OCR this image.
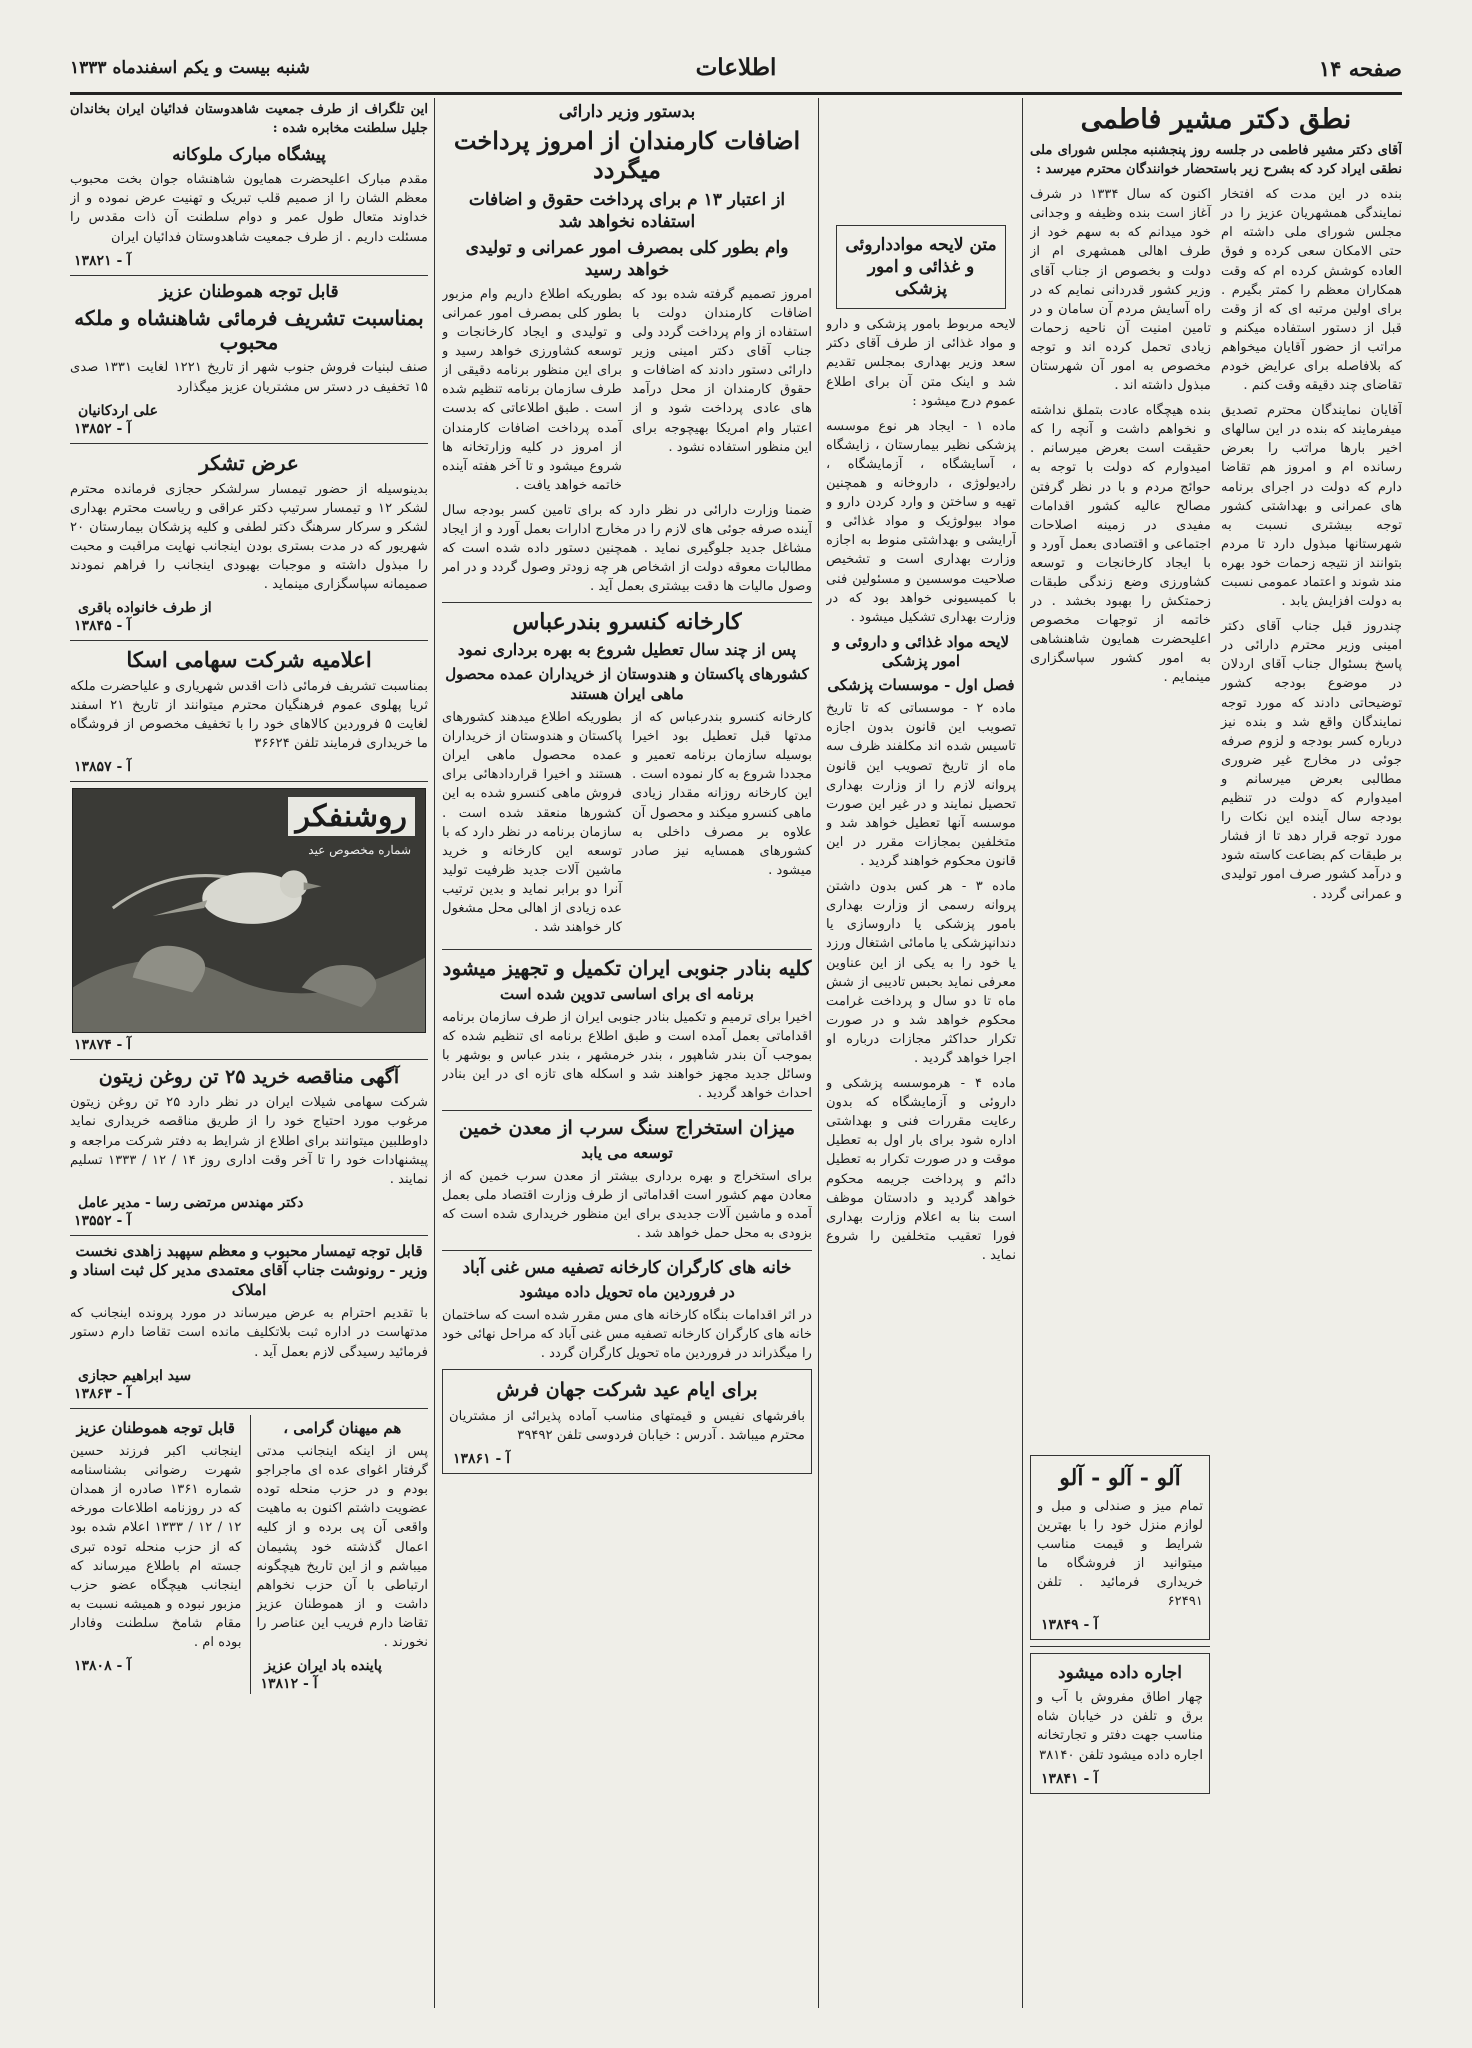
صفحه ۱۴
اطلاعات
شنبه بیست و یکم اسفندماه ۱۳۳۳
نطق دکتر مشیر فاطمی

آقای دکتر مشیر فاطمی در جلسه روز پنجشنبه مجلس شورای ملی نطقی ایراد کرد که بشرح زیر باستحضار خوانندگان محترم میرسد :

بنده در این مدت که افتخار نمایندگی همشهریان عزیز را در مجلس شورای ملی داشته ام حتی الامکان سعی کرده و فوق العاده کوشش کرده ام که وقت همکاران معظم را کمتر بگیرم . برای اولین مرتبه ای که از وقت قبل از دستور استفاده میکنم و مراتب از حضور آقایان میخواهم که بلافاصله برای عرایض خودم تقاضای چند دقیقه وقت کنم .

آقایان نمایندگان محترم تصدیق میفرمایند که بنده در این سالهای اخیر بارها مراتب را بعرض رسانده ام و امروز هم تقاضا دارم که دولت در اجرای برنامه های عمرانی و بهداشتی کشور توجه بیشتری نسبت به شهرستانها مبذول دارد تا مردم بتوانند از نتیجه زحمات خود بهره مند شوند و اعتماد عمومی نسبت به دولت افزایش یابد .

چندروز قبل جناب آقای دکتر امینی وزیر محترم دارائی در پاسخ بسئوال جناب آقای اردلان در موضوع بودجه کشور توضیحاتی دادند که مورد توجه نمایندگان واقع شد و بنده نیز درباره کسر بودجه و لزوم صرفه جوئی در مخارج غیر ضروری مطالبی بعرض میرسانم و امیدوارم که دولت در تنظیم بودجه سال آینده این نکات را مورد توجه قرار دهد تا از فشار بر طبقات کم بضاعت کاسته شود و درآمد کشور صرف امور تولیدی و عمرانی گردد .

اکنون که سال ۱۳۳۴ در شرف آغاز است بنده وظیفه و وجدانی خود میدانم که به سهم خود از طرف اهالی همشهری ام از دولت و بخصوص از جناب آقای وزیر کشور قدردانی نمایم که در راه آسایش مردم آن سامان و در تامین امنیت آن ناحیه زحمات زیادی تحمل کرده اند و توجه مخصوص به امور آن شهرستان مبذول داشته اند .

بنده هیچگاه عادت بتملق نداشته و نخواهم داشت و آنچه را که حقیقت است بعرض میرسانم . امیدوارم که دولت با توجه به حوائج مردم و با در نظر گرفتن مصالح عالیه کشور اقدامات مفیدی در زمینه اصلاحات اجتماعی و اقتصادی بعمل آورد و با ایجاد کارخانجات و توسعه کشاورزی وضع زندگی طبقات زحمتکش را بهبود بخشد . در خاتمه از توجهات مخصوص اعلیحضرت همایون شاهنشاهی به امور کشور سپاسگزاری مینمایم .

آلو - آلو - آلو

تمام میز و صندلی و مبل و لوازم منزل خود را با بهترین شرایط و قیمت مناسب میتوانید از فروشگاه ما خریداری فرمائید . تلفن ۶۲۴۹۱

آ - ۱۳۸۴۹
اجاره داده میشود

چهار اطاق مفروش با آب و برق و تلفن در خیابان شاه مناسب جهت دفتر و تجارتخانه اجاره داده میشود تلفن ۳۸۱۴۰

آ - ۱۳۸۴۱
متن لایحه موادداروئی و غذائی و امور پزشکی

لایحه مربوط بامور پزشکی و دارو و مواد غذائی از طرف آقای دکتر سعد وزیر بهداری بمجلس تقدیم شد و اینک متن آن برای اطلاع عموم درج میشود :

ماده ۱ - ایجاد هر نوع موسسه پزشکی نظیر بیمارستان ، زایشگاه ، آسایشگاه ، آزمایشگاه ، رادیولوژی ، داروخانه و همچنین تهیه و ساختن و وارد کردن دارو و مواد بیولوژیک و مواد غذائی و آرایشی و بهداشتی منوط به اجازه وزارت بهداری است و تشخیص صلاحیت موسسین و مسئولین فنی با کمیسیونی خواهد بود که در وزارت بهداری تشکیل میشود .

لایحه مواد غذائی و داروئی و امور پزشکی
فصل اول - موسسات پزشکی

ماده ۲ - موسساتی که تا تاریخ تصویب این قانون بدون اجازه تاسیس شده اند مکلفند ظرف سه ماه از تاریخ تصویب این قانون پروانه لازم را از وزارت بهداری تحصیل نمایند و در غیر این صورت موسسه آنها تعطیل خواهد شد و متخلفین بمجازات مقرر در این قانون محکوم خواهند گردید .

ماده ۳ - هر کس بدون داشتن پروانه رسمی از وزارت بهداری بامور پزشکی یا داروسازی یا دندانپزشکی یا مامائی اشتغال ورزد یا خود را به یکی از این عناوین معرفی نماید بحبس تادیبی از شش ماه تا دو سال و پرداخت غرامت محکوم خواهد شد و در صورت تکرار حداکثر مجازات درباره او اجرا خواهد گردید .

ماده ۴ - هرموسسه پزشکی و داروئی و آزمایشگاه که بدون رعایت مقررات فنی و بهداشتی اداره شود برای بار اول به تعطیل موقت و در صورت تکرار به تعطیل دائم و پرداخت جریمه محکوم خواهد گردید و دادستان موظف است بنا به اعلام وزارت بهداری فورا تعقیب متخلفین را شروع نماید .

بدستور وزیر دارائی
اضافات کارمندان از امروز پرداخت میگردد
از اعتبار ۱۳ م برای پرداخت حقوق و اضافات استفاده نخواهد شد
وام بطور کلی بمصرف امور عمرانی و تولیدی خواهد رسید

امروز تصمیم گرفته شده بود که اضافات کارمندان دولت با استفاده از وام پرداخت گردد ولی جناب آقای دکتر امینی وزیر دارائی دستور دادند که اضافات و حقوق کارمندان از محل درآمد های عادی پرداخت شود و از اعتبار وام امریکا بهیچوجه برای این منظور استفاده نشود .

بطوریکه اطلاع داریم وام مزبور بطور کلی بمصرف امور عمرانی و تولیدی و ایجاد کارخانجات و توسعه کشاورزی خواهد رسید و برای این منظور برنامه دقیقی از طرف سازمان برنامه تنظیم شده است . طبق اطلاعاتی که بدست آمده پرداخت اضافات کارمندان از امروز در کلیه وزارتخانه ها شروع میشود و تا آخر هفته آینده خاتمه خواهد یافت .

ضمنا وزارت دارائی در نظر دارد که برای تامین کسر بودجه سال آینده صرفه جوئی های لازم را در مخارج ادارات بعمل آورد و از ایجاد مشاغل جدید جلوگیری نماید . همچنین دستور داده شده است که مطالبات معوقه دولت از اشخاص هر چه زودتر وصول گردد و در امر وصول مالیات ها دقت بیشتری بعمل آید .

کارخانه کنسرو بندرعباس
پس از چند سال تعطیل شروع به بهره برداری نمود
کشورهای پاکستان و هندوستان از خریداران عمده محصول ماهی ایران هستند

کارخانه کنسرو بندرعباس که از مدتها قبل تعطیل بود اخیرا بوسیله سازمان برنامه تعمیر و مجددا شروع به کار نموده است . این کارخانه روزانه مقدار زیادی ماهی کنسرو میکند و محصول آن علاوه بر مصرف داخلی به کشورهای همسایه نیز صادر میشود .

بطوریکه اطلاع میدهند کشورهای پاکستان و هندوستان از خریداران عمده محصول ماهی ایران هستند و اخیرا قراردادهائی برای فروش ماهی کنسرو شده به این کشورها منعقد شده است . سازمان برنامه در نظر دارد که با توسعه این کارخانه و خرید ماشین آلات جدید ظرفیت تولید آنرا دو برابر نماید و بدین ترتیب عده زیادی از اهالی محل مشغول کار خواهند شد .

کلیه بنادر جنوبی ایران تکمیل و تجهیز میشود
برنامه ای برای اساسی تدوین شده است

اخیرا برای ترمیم و تکمیل بنادر جنوبی ایران از طرف سازمان برنامه اقداماتی بعمل آمده است و طبق اطلاع برنامه ای تنظیم شده که بموجب آن بندر شاهپور ، بندر خرمشهر ، بندر عباس و بوشهر با وسائل جدید مجهز خواهند شد و اسکله های تازه ای در این بنادر احداث خواهد گردید .

میزان استخراج سنگ سرب از معدن خمین
توسعه می یابد

برای استخراج و بهره برداری بیشتر از معدن سرب خمین که از معادن مهم کشور است اقداماتی از طرف وزارت اقتصاد ملی بعمل آمده و ماشین آلات جدیدی برای این منظور خریداری شده است که بزودی به محل حمل خواهد شد .

خانه های کارگران کارخانه تصفیه مس غنی آباد
در فروردین ماه تحویل داده میشود

در اثر اقدامات بنگاه کارخانه های مس مقرر شده است که ساختمان خانه های کارگران کارخانه تصفیه مس غنی آباد که مراحل نهائی خود را میگذراند در فروردین ماه تحویل کارگران گردد .

برای ایام عید شرکت جهان فرش

بافرشهای نفیس و قیمتهای مناسب آماده پذیرائی از مشتریان محترم میباشد . آدرس : خیابان فردوسی تلفن ۳۹۴۹۲

آ - ۱۳۸۶۱

این تلگراف از طرف جمعیت شاهدوستان فدائیان ایران بخاندان جلیل سلطنت مخابره شده :

پیشگاه مبارک ملوکانه

مقدم مبارک اعلیحضرت همایون شاهنشاه جوان بخت محبوب معظم الشان را از صمیم قلب تبریک و تهنیت عرض نموده و از خداوند متعال طول عمر و دوام سلطنت آن ذات مقدس را مسئلت داریم . از طرف جمعیت شاهدوستان فدائیان ایران

آ - ۱۳۸۲۱
قابل توجه هموطنان عزیز
بمناسبت تشریف فرمائی شاهنشاه و ملکه محبوب

صنف لبنیات فروش جنوب شهر از تاریخ ۱۲۲۱ لغایت ۱۳۳۱ صدی ۱۵ تخفیف در دستر س مشتریان عزیز میگذارد

علی اردکانیان
آ - ۱۳۸۵۲
عرض تشکر

بدینوسیله از حضور تیمسار سرلشکر حجازی فرمانده محترم لشکر ۱۲ و تیمسار سرتیپ دکتر عراقی و ریاست محترم بهداری لشکر و سرکار سرهنگ دکتر لطفی و کلیه پزشکان بیمارستان ۲۰ شهریور که در مدت بستری بودن اینجانب نهایت مراقبت و محبت را مبذول داشته و موجبات بهبودی اینجانب را فراهم نمودند صمیمانه سپاسگزاری مینماید .

از طرف خانواده باقری
آ - ۱۳۸۴۵
اعلامیه شرکت سهامی اسکا

بمناسبت تشریف فرمائی ذات اقدس شهریاری و علیاحضرت ملکه ثریا پهلوی عموم فرهنگیان محترم میتوانند از تاریخ ۲۱ اسفند لغایت ۵ فروردین کالاهای خود را با تخفیف مخصوص از فروشگاه ما خریداری فرمایند تلفن ۳۶۶۲۴

آ - ۱۳۸۵۷
روشنفکر
شماره مخصوص عید
آ - ۱۳۸۷۴
آگهی مناقصه خرید ۲۵ تن روغن زیتون

شرکت سهامی شیلات ایران در نظر دارد ۲۵ تن روغن زیتون مرغوب مورد احتیاج خود را از طریق مناقصه خریداری نماید داوطلبین میتوانند برای اطلاع از شرایط به دفتر شرکت مراجعه و پیشنهادات خود را تا آخر وقت اداری روز ۱۴ / ۱۲ / ۱۳۳۳ تسلیم نمایند .

دکتر مهندس مرتضی رسا - مدیر عامل
آ - ۱۳۵۵۲
قابل توجه تیمسار محبوب و معظم سپهبد زاهدی نخست وزیر - رونوشت جناب آقای معتمدی مدیر کل ثبت اسناد و املاک

با تقدیم احترام به عرض میرساند در مورد پرونده اینجانب که مدتهاست در اداره ثبت بلاتکلیف مانده است تقاضا دارم دستور فرمائید رسیدگی لازم بعمل آید .

سید ابراهیم حجازی
آ - ۱۳۸۶۳
هم میهنان گرامی ،

پس از اینکه اینجانب مدتی گرفتار اغوای عده ای ماجراجو بودم و در حزب منحله توده عضویت داشتم اکنون به ماهیت واقعی آن پی برده و از کلیه اعمال گذشته خود پشیمان میباشم و از این تاریخ هیچگونه ارتباطی با آن حزب نخواهم داشت و از هموطنان عزیز تقاضا دارم فریب این عناصر را نخورند .

پاینده باد ایران عزیز
آ - ۱۳۸۱۲
قابل توجه هموطنان عزیز

اینجانب اکبر فرزند حسین شهرت رضوانی بشناسنامه شماره ۱۳۶۱ صادره از همدان که در روزنامه اطلاعات مورخه ۱۲ / ۱۲ / ۱۳۳۳ اعلام شده بود که از حزب منحله توده تبری جسته ام باطلاع میرساند که اینجانب هیچگاه عضو حزب مزبور نبوده و همیشه نسبت به مقام شامخ سلطنت وفادار بوده ام .

آ - ۱۳۸۰۸
